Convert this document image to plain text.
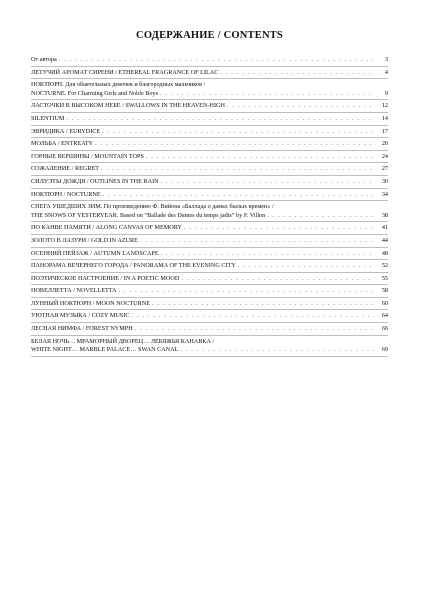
СОДЕРЖАНИЕ / CONTENTS
От автора . . .	3
ЛЕТУЧИЙ АРОМАТ СИРЕНИ / ETHEREAL FRAGRANCE OF LILAC . . .	4
НОКТЮРН. Для обаятельных девочек и благородных мальчиков /
NOCTURNE. For Charming Girls and Noble Boys . . .	9
ЛАСТОЧКИ В ВЫСОКОМ НЕБЕ / SWALLOWS IN THE HEAVEN-HIGH . . .	12
SILENTIUM . . .	14
ЭВРИДИКА / EURYDICE . . .	17
МОЛЬБА / ENTREATY . . .	20
ГОРНЫЕ ВЕРШИНЫ / MOUNTAIN TOPS . . .	24
СОЖАЛЕНИЕ / REGRET . . .	27
СИЛУЭТЫ ДОЖДЯ / OUTLINES IN THE RAIN . . .	30
НОКТЮРН / NOCTURNE . . .	34
СНЕГА УШЕДШИХ ЗИМ. По произведению Ф. Вийона «Баллада о дамах былых времен» /
THE SNOWS OF YESTERYEAR. Based on “Ballade des Dames du temps jadis” by F. Villon . . .	38
ПО КАНВЕ ПАМЯТИ / ALONG CANVAS OF MEMORY . . .	41
ЗОЛОТО В ЛАЗУРИ / GOLD IN AZURE . . .	44
ОСЕННИЙ ПЕЙЗАЖ / AUTUMN LANDSCAPE . . .	48
ПАНОРАМА ВЕЧЕРНЕГО ГОРОДА / PANORAMA OF THE EVENING CITY . . .	52
ПОЭТИЧЕСКОЕ НАСТРОЕНИЕ / IN A POETIC MOOD . . .	55
НОВЕЛЛЕТТА / NOVELLETTA . . .	58
ЛУННЫЙ НОКТЮРН / MOON NOCTURNE . . .	60
УЮТНАЯ МУЗЫКА / COZY MUSIC . . .	64
ЛЕСНАЯ НИМФА / FOREST NYMPH . . .	66
БЕЛАЯ НОЧЬ… МРАМОРНЫЙ ДВОРЕЦ… ЛЕБЯЖЬЯ КАНАВКА /
WHITE NIGHT… MARBLE PALACE… SWAN CANAL . . .	69
